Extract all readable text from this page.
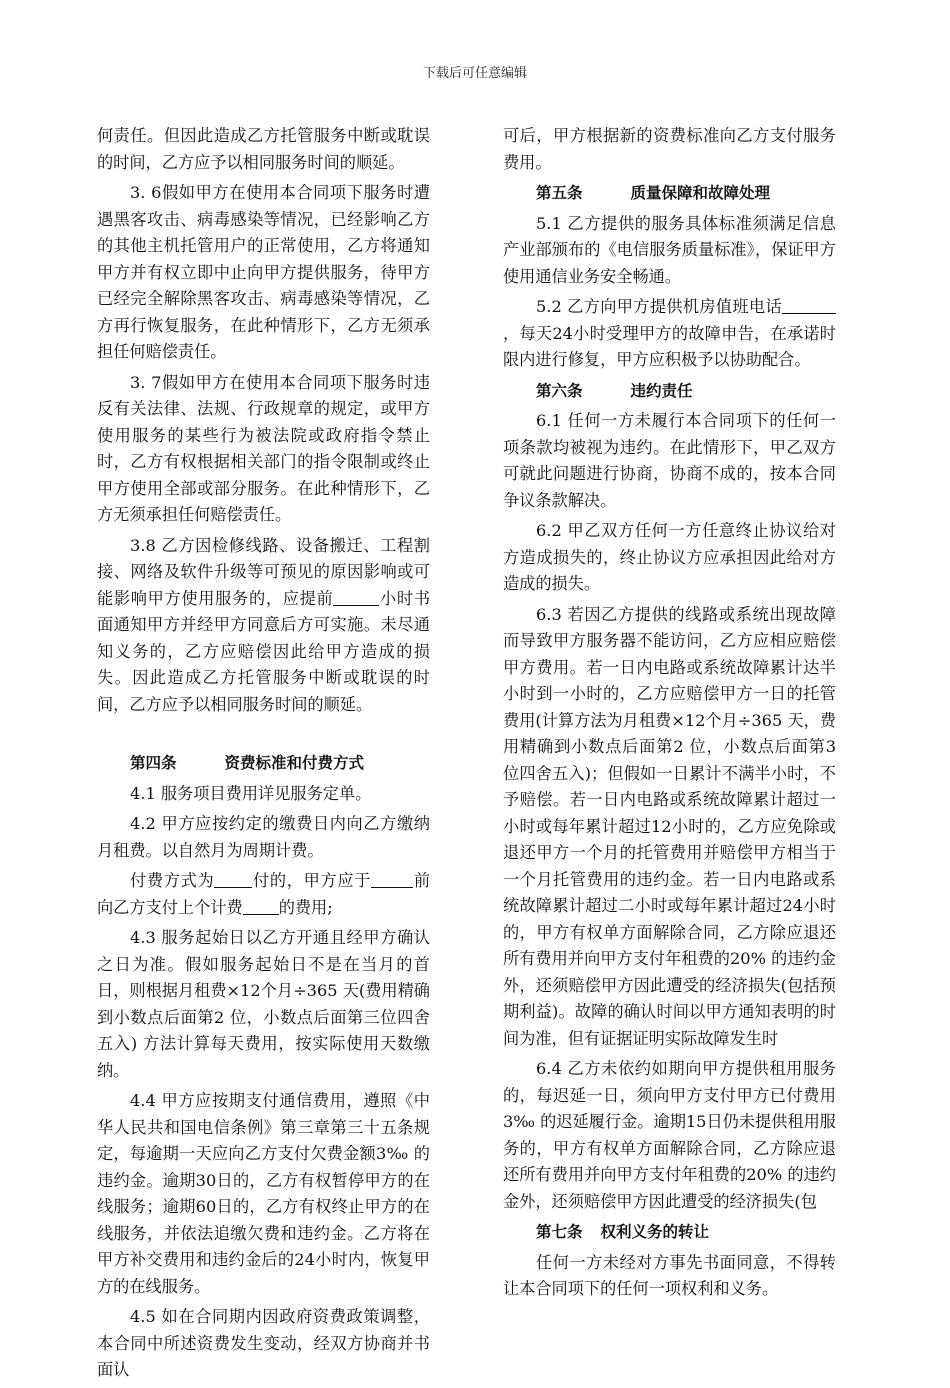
下载后可任意编辑

何责任。但因此造成乙方托管服务中断或耽误的时间，乙方应予以相同服务时间的顺延。

3. 6假如甲方在使用本合同项下服务时遭遇黑客攻击、病毒感染等情况，已经影响乙方的其他主机托管用户的正常使用，乙方将通知甲方并有权立即中止向甲方提供服务，待甲方已经完全解除黑客攻击、病毒感染等情况，乙方再行恢复服务，在此种情形下，乙方无须承担任何赔偿责任。

3. 7假如甲方在使用本合同项下服务时违反有关法律、法规、行政规章的规定，或甲方使用服务的某些行为被法院或政府指令禁止时，乙方有权根据相关部门的指令限制或终止甲方使用全部或部分服务。在此种情形下，乙方无须承担任何赔偿责任。

3.8 乙方因检修线路、设备搬迁、工程割接、网络及软件升级等可预见的原因影响或可能影响甲方使用服务的，应提前	小时书面通知甲方并经甲方同意后方可实施。未尽通知义务的，乙方应赔偿因此给甲方造成的损失。因此造成乙方托管服务中断或耽误的时间，乙方应予以相同服务时间的顺延。

第四条	资费标准和付费方式

4.1 服务项目费用详见服务定单。

4.2 甲方应按约定的缴费日内向乙方缴纳月租费。以自然月为周期计费。

付费方式为 付的，甲方应于	前向乙方支付上个计费 的费用;

4.3 服务起始日以乙方开通且经甲方确认之日为准。假如服务起始日不是在当月的首日，则根据月租费×12个月÷365 天(费用精确到小数点后面第2 位，小数点后面第三位四舍五入) 方法计算每天费用，按实际使用天数缴纳。

4.4 甲方应按期支付通信费用，遵照《中华人民共和国电信条例》第三章第三十五条规定，每逾期一天应向乙方支付欠费金额3‰ 的违约金。逾期30日的，乙方有权暂停甲方的在线服务；逾期60日的，乙方有权终止甲方的在线服务，并依法追缴欠费和违约金。乙方将在甲方补交费用和违约金后的24小时内，恢复甲方的在线服务。

4.5 如在合同期内因政府资费政策调整，本合同中所述资费发生变动，经双方协商并书面认

可后，甲方根据新的资费标准向乙方支付服务费用。

第五条	质量保障和故障处理

5.1 乙方提供的服务具体标准须满足信息产业部颁布的《电信服务质量标准》，保证甲方使用通信业务安全畅通。

5.2 乙方向甲方提供机房值班电话，每天24小时受理甲方的故障申告，在承诺时限内进行修复，甲方应积极予以协助配合。

第六条	违约责任

6.1 任何一方未履行本合同项下的任何一项条款均被视为违约。在此情形下，甲乙双方可就此问题进行协商，协商不成的，按本合同争议条款解决。

6.2 甲乙双方任何一方任意终止协议给对方造成损失的，终止协议方应承担因此给对方造成的损失。

6.3 若因乙方提供的线路或系统出现故障而导致甲方服务器不能访问，乙方应相应赔偿甲方费用。若一日内电路或系统故障累计达半小时到一小时的，乙方应赔偿甲方一日的托管费用(计算方法为月租费×12个月÷365 天，费用精确到小数点后面第2 位，小数点后面第3位四舍五入)；但假如一日累计不满半小时，不予赔偿。若一日内电路或系统故障累计超过一小时或每年累计超过12小时的，乙方应免除或退还甲方一个月的托管费用并赔偿甲方相当于一个月托管费用的违约金。若一日内电路或系统故障累计超过二小时或每年累计超过24小时的，甲方有权单方面解除合同，乙方除应退还所有费用并向甲方支付年租费的20% 的违约金外，还须赔偿甲方因此遭受的经济损失(包括预期利益)。故障的确认时间以甲方通知表明的时间为准，但有证据证明实际故障发生时

6.4 乙方未依约如期向甲方提供租用服务的，每迟延一日，须向甲方支付甲方已付费用3‰ 的迟延履行金。逾期15日仍未提供租用服务的，甲方有权单方面解除合同，乙方除应退还所有费用并向甲方支付年租费的20% 的违约金外，还须赔偿甲方因此遭受的经济损失(包

第七条 权利义务的转让

任何一方未经对方事先书面同意，不得转让本合同项下的任何一项权利和义务。
